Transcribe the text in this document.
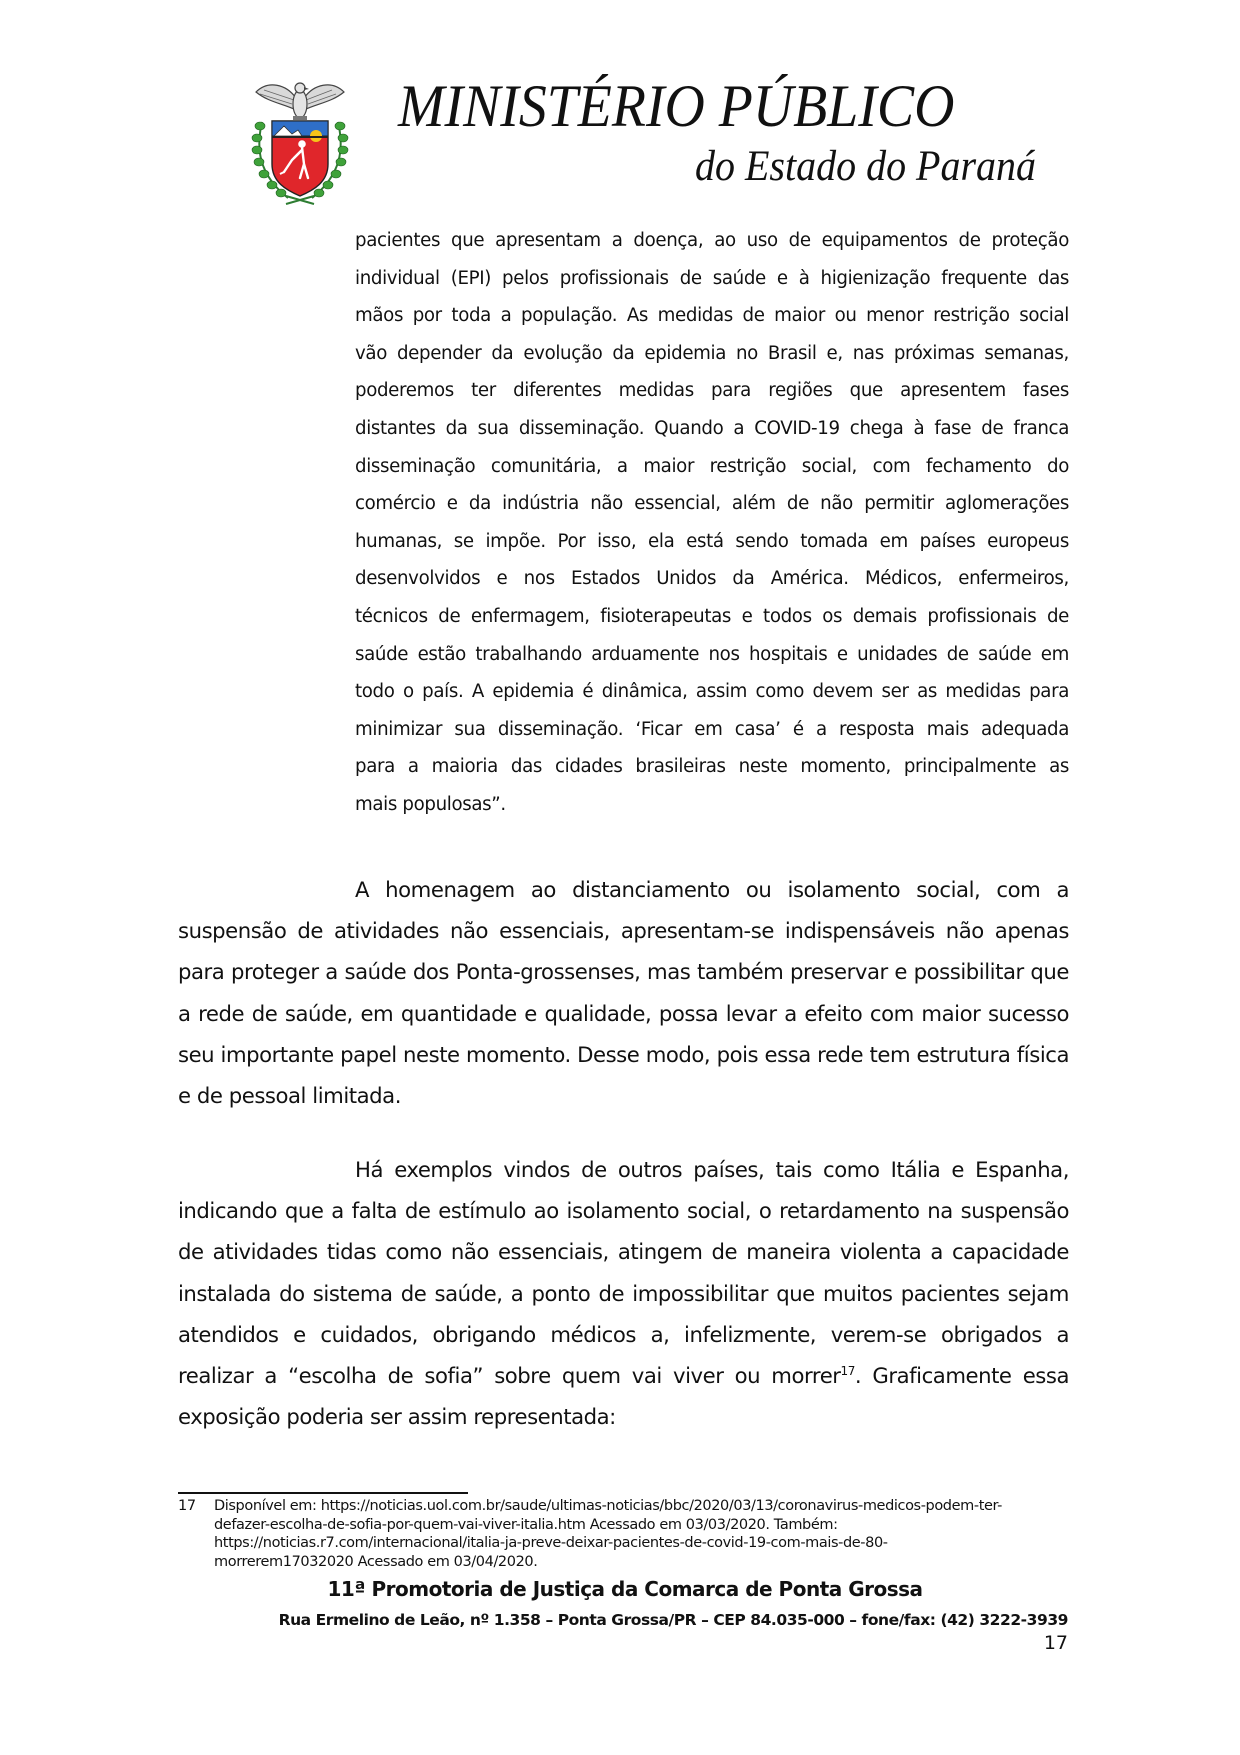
MINISTÉRIO PÚBLICO
do Estado do Paraná
pacientes que apresentam a doença, ao uso de equipamentos de proteção
individual (EPI) pelos profissionais de saúde e à higienização frequente das
mãos por toda a população. As medidas de maior ou menor restrição social
vão depender da evolução da epidemia no Brasil e, nas próximas semanas,
poderemos ter diferentes medidas para regiões que apresentem fases
distantes da sua disseminação. Quando a COVID-19 chega à fase de franca
disseminação comunitária, a maior restrição social, com fechamento do
comércio e da indústria não essencial, além de não permitir aglomerações
humanas, se impõe. Por isso, ela está sendo tomada em países europeus
desenvolvidos e nos Estados Unidos da América. Médicos, enfermeiros,
técnicos de enfermagem, fisioterapeutas e todos os demais profissionais de
saúde estão trabalhando arduamente nos hospitais e unidades de saúde em
todo o país. A epidemia é dinâmica, assim como devem ser as medidas para
minimizar sua disseminação. ‘Ficar em casa’ é a resposta mais adequada
para a maioria das cidades brasileiras neste momento, principalmente as
mais populosas”.

A homenagem ao distanciamento ou isolamento social, com a suspensão de atividades não essenciais, apresentam-se indispensáveis não apenas para proteger a saúde dos Ponta-grossenses, mas também preservar e possibilitar que a rede de saúde, em quantidade e qualidade, possa levar a efeito com maior sucesso seu importante papel neste momento. Desse modo, pois essa rede tem estrutura física e de pessoal limitada.

Há exemplos vindos de outros países, tais como Itália e Espanha, indicando que a falta de estímulo ao isolamento social, o retardamento na suspensão de atividades tidas como não essenciais, atingem de maneira violenta a capacidade instalada do sistema de saúde, a ponto de impossibilitar que muitos pacientes sejam atendidos e cuidados, obrigando médicos a, infelizmente, verem-se obrigados a realizar a “escolha de sofia” sobre quem vai viver ou morrer$^{17}$. Graficamente essa exposição poderia ser assim representada:

17 Disponível em: https://noticias.uol.com.br/saude/ultimas-noticias/bbc/2020/03/13/coronavirus-medicos-podem-ter-
defazer-escolha-de-sofia-por-quem-vai-viver-italia.htm Acessado em 03/03/2020. Também:
https://noticias.r7.com/internacional/italia-ja-preve-deixar-pacientes-de-covid-19-com-mais-de-80-
morrerem17032020 Acessado em 03/04/2020.
11ª Promotoria de Justiça da Comarca de Ponta Grossa
Rua Ermelino de Leão, nº 1.358 – Ponta Grossa/PR – CEP 84.035-000 – fone/fax: (42) 3222-3939
17
